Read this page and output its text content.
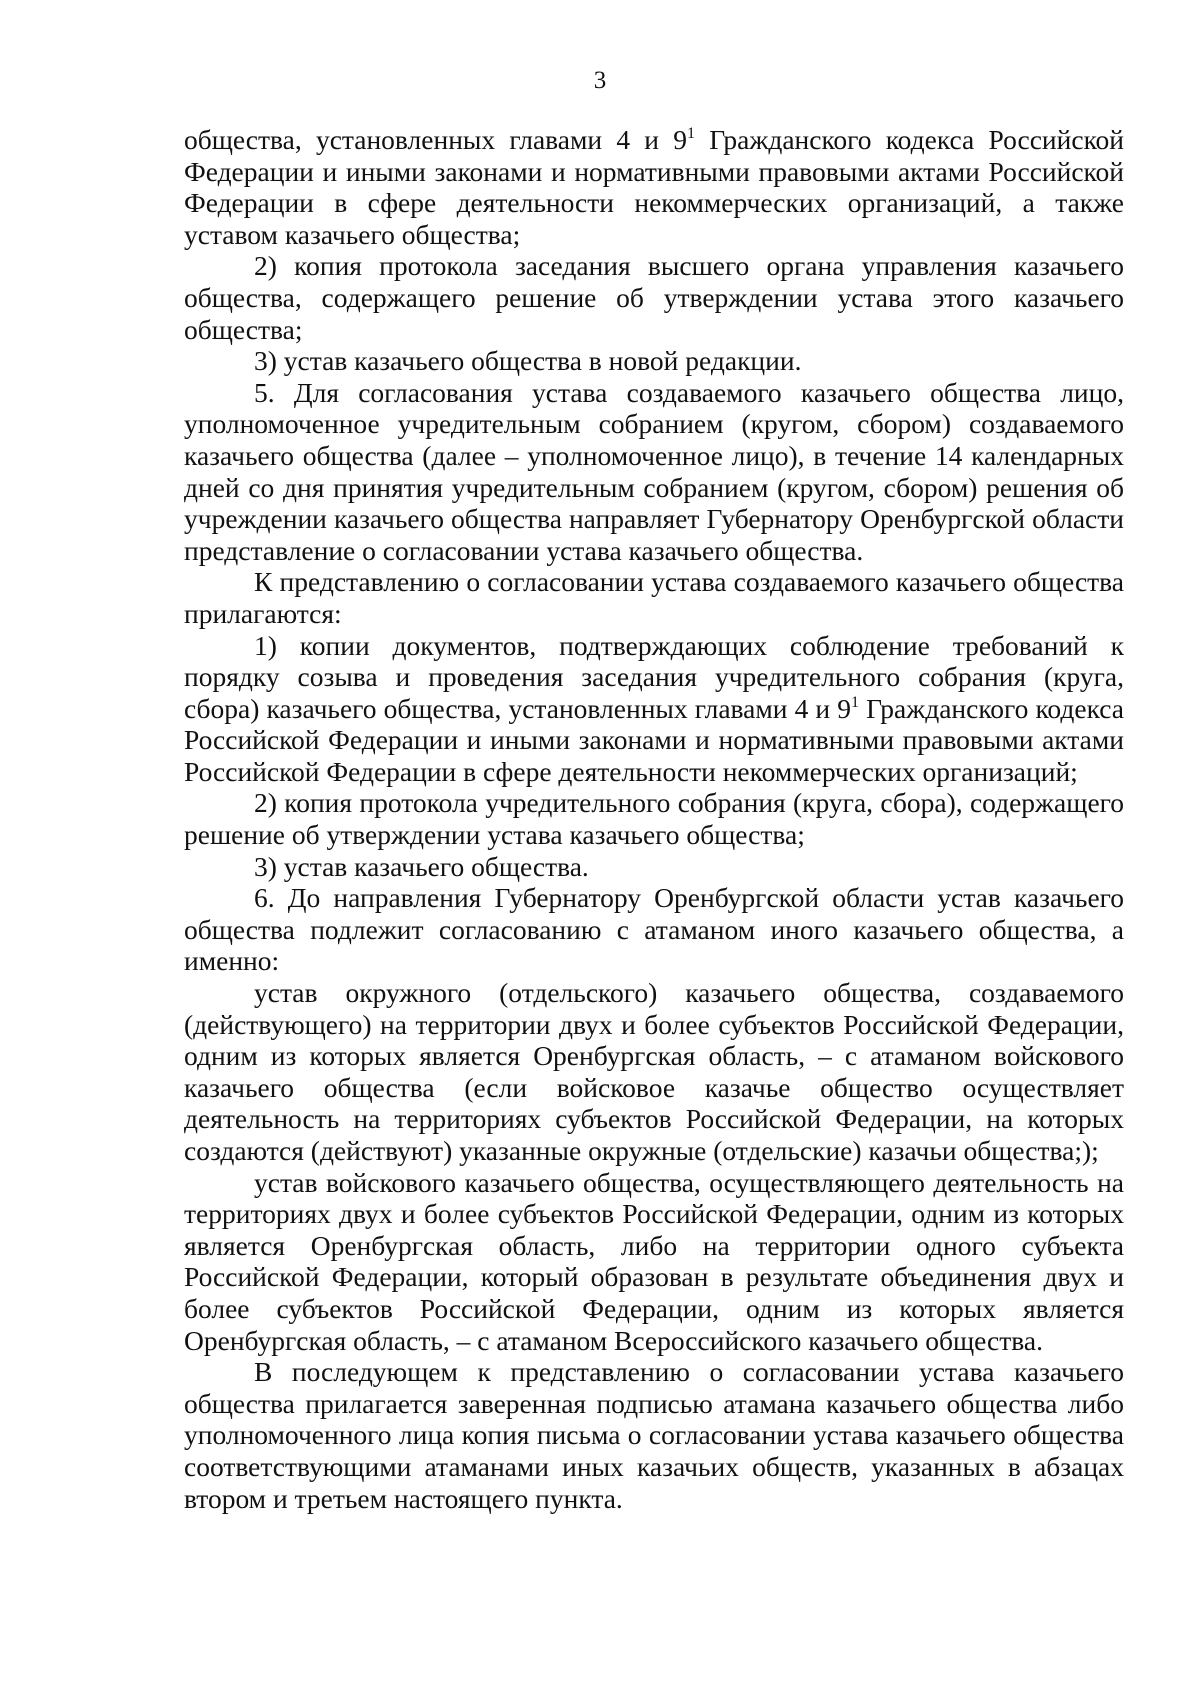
3

общества, установленных главами 4 и $9^1$ Гражданского кодекса Российской Федерации и иными законами и нормативными правовыми актами Российской Федерации в сфере деятельности некоммерческих организаций, а также уставом казачьего общества;

2) копия протокола заседания высшего органа управления казачьего общества, содержащего решение об утверждении устава этого казачьего общества;

3) устав казачьего общества в новой редакции.

5. Для согласования устава создаваемого казачьего общества лицо, уполномоченное учредительным собранием (кругом, сбором) создаваемого казачьего общества (далее – уполномоченное лицо), в течение 14 календарных дней со дня принятия учредительным собранием (кругом, сбором) решения об учреждении казачьего общества направляет Губернатору Оренбургской области представление о согласовании устава казачьего общества.

К представлению о согласовании устава создаваемого казачьего общества прилагаются:

1) копии документов, подтверждающих соблюдение требований к порядку созыва и проведения заседания учредительного собрания (круга, сбора) казачьего общества, установленных главами 4 и $9^1$ Гражданского кодекса Российской Федерации и иными законами и нормативными правовыми актами Российской Федерации в сфере деятельности некоммерческих организаций;

2) копия протокола учредительного собрания (круга, сбора), содержащего решение об утверждении устава казачьего общества;

3) устав казачьего общества.

6. До направления Губернатору Оренбургской области устав казачьего общества подлежит согласованию с атаманом иного казачьего общества, а именно:

устав окружного (отдельского) казачьего общества, создаваемого (действующего) на территории двух и более субъектов Российской Федерации, одним из которых является Оренбургская область, – с атаманом войскового казачьего общества (если войсковое казачье общество осуществляет деятельность на территориях субъектов Российской Федерации, на которых создаются (действуют) указанные окружные (отдельские) казачьи общества;);

устав войскового казачьего общества, осуществляющего деятельность на территориях двух и более субъектов Российской Федерации, одним из которых является Оренбургская область, либо на территории одного субъекта Российской Федерации, который образован в результате объединения двух и более субъектов Российской Федерации, одним из которых является Оренбургская область, – с атаманом Всероссийского казачьего общества.

В последующем к представлению о согласовании устава казачьего общества прилагается заверенная подписью атамана казачьего общества либо уполномоченного лица копия письма о согласовании устава казачьего общества соответствующими атаманами иных казачьих обществ, указанных в абзацах втором и третьем настоящего пункта.
